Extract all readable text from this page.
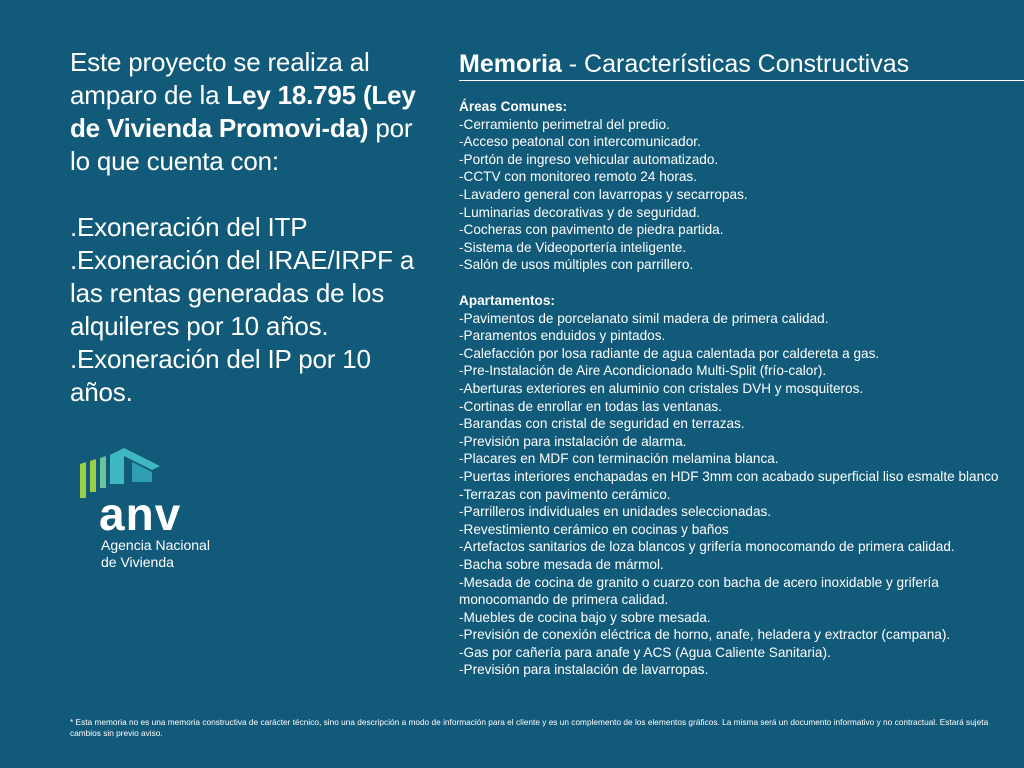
Este proyecto se realiza al amparo de la Ley 18.795 (Ley de Vivienda Promovi-da) por lo que cuenta con:

.Exoneración del ITP
.Exoneración del IRAE/IRPF a las rentas generadas de los alquileres por 10 años.
.Exoneración del IP por 10 años.
anv
Agencia Nacional
de Vivienda
Memoria - Características Constructivas
Áreas Comunes:
-Cerramiento perimetral del predio.
-Acceso peatonal con intercomunicador.
-Portón de ingreso vehicular automatizado.
-CCTV con monitoreo remoto 24 horas.
-Lavadero general con lavarropas y secarropas.
-Luminarias decorativas y de seguridad.
-Cocheras con pavimento de piedra partida.
-Sistema de Videoportería inteligente.
-Salón de usos múltiples con parrillero.
Apartamentos:
-Pavimentos de porcelanato simil madera de primera calidad.
-Paramentos enduidos y pintados.
-Calefacción por losa radiante de agua calentada por caldereta a gas.
-Pre-Instalación de Aire Acondicionado Multi-Split (frío-calor).
-Aberturas exteriores en aluminio con cristales DVH y mosquiteros.
-Cortinas de enrollar en todas las ventanas.
-Barandas con cristal de seguridad en terrazas.
-Previsión para instalación de alarma.
-Placares en MDF con terminación melamina blanca.
-Puertas interiores enchapadas en HDF 3mm con acabado superficial liso esmalte blanco
-Terrazas con pavimento cerámico.
-Parrilleros individuales en unidades seleccionadas.
-Revestimiento cerámico en cocinas y baños
-Artefactos sanitarios de loza blancos y grifería monocomando de primera calidad.
-Bacha sobre mesada de mármol.
-Mesada de cocina de granito o cuarzo con bacha de acero inoxidable y grifería
monocomando de primera calidad.
-Muebles de cocina bajo y sobre mesada.
-Previsión de conexión eléctrica de horno, anafe, heladera y extractor (campana).
-Gas por cañería para anafe y ACS (Agua Caliente Sanitaria).
-Previsión para instalación de lavarropas.
* Esta memoria no es una memoria constructiva de carácter técnico, sino una descripción a modo de información para el cliente y es un complemento de los elementos gráficos. La misma será un documento informativo y no contractual. Estará sujeta
cambios sin previo aviso.
